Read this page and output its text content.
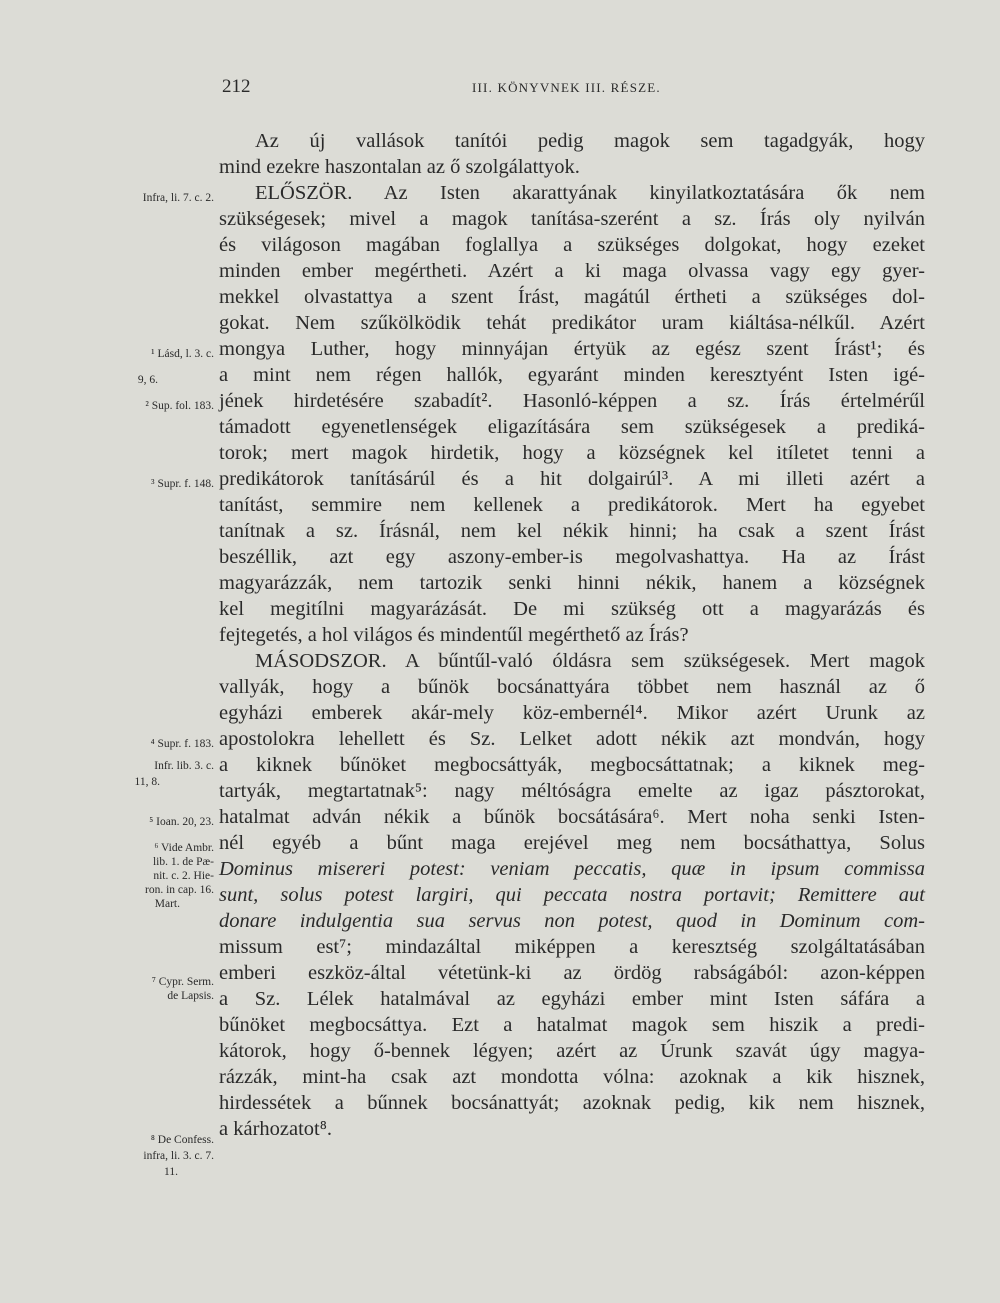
212	III. KÖNYVNEK III. RÉSZE.
Az új vallások tanítói pedig magok sem tagadgyák, hogy
mind ezekre haszontalan az ő szolgálattyok.
ELŐSZÖR. Az Isten akarattyának kinyilatkoztatására ők nem
szükségesek; mivel a magok tanítása-szerént a sz. Írás oly nyilván
és világoson magában foglallya a szükséges dolgokat, hogy ezeket
minden ember megértheti. Azért a ki maga olvassa vagy egy gyer-
mekkel olvastattya a szent Írást, magátúl értheti a szükséges dol-
gokat. Nem szűkölködik tehát predikátor uram kiáltása-nélkűl. Azért
mongya Luther, hogy minnyájan értyük az egész szent Írást¹; és
a mint nem régen hallók, egyaránt minden keresztyént Isten igé-
jének hirdetésére szabadít². Hasonló-képpen a sz. Írás értelmérűl
támadott egyenetlenségek eligazítására sem szükségesek a prediká-
torok; mert magok hirdetik, hogy a községnek kel itíletet tenni a
predikátorok tanításárúl és a hit dolgairúl³. A mi illeti azért a
tanítást, semmire nem kellenek a predikátorok. Mert ha egyebet
tanítnak a sz. Írásnál, nem kel nékik hinni; ha csak a szent Írást
beszéllik, azt egy aszony-ember-is megolvashattya. Ha az Írást
magyarázzák, nem tartozik senki hinni nékik, hanem a községnek
kel megitílni magyarázását. De mi szükség ott a magyarázás és
fejtegetés, a hol világos és mindentűl megérthető az Írás?
MÁSODSZOR. A bűntűl-való óldásra sem szükségesek. Mert magok
vallyák, hogy a bűnök bocsánattyára többet nem használ az ő
egyházi emberek akár-mely köz-embernél⁴. Mikor azért Urunk az
apostolokra lehellett és Sz. Lelket adott nékik azt mondván, hogy
a kiknek bűnöket megbocsáttyák, megbocsáttatnak; a kiknek meg-
tartyák, megtartatnak⁵: nagy méltóságra emelte az igaz pásztorokat,
hatalmat adván nékik a bűnök bocsátására⁶. Mert noha senki Isten-
nél egyéb a bűnt maga erejével meg nem bocsáthattya, Solus
Dominus misereri potest: veniam peccatis, quæ in ipsum commissa
sunt, solus potest largiri, qui peccata nostra portavit; Remittere aut
donare indulgentia sua servus non potest, quod in Dominum com-
missum est⁷; mindazáltal miképpen a keresztség szolgáltatásában
emberi eszköz-által vétetünk-ki az ördög rabságából: azon-képpen
a Sz. Lélek hatalmával az egyházi ember mint Isten sáfára a
bűnöket megbocsáttya. Ezt a hatalmat magok sem hiszik a predi-
kátorok, hogy ő-bennek légyen; azért az Úrunk szavát úgy magya-
rázzák, mint-ha csak azt mondotta vólna: azoknak a kik hisznek,
hirdessétek a bűnnek bocsánattyát; azoknak pedig, kik nem hisznek,
a kárhozatot⁸.
Infra, li. 7. c. 2.
¹ Lásd, l. 3. c.
9, 6.
² Sup. fol. 183.
³ Supr. f. 148.
⁴ Supr. f. 183.
Infr. lib. 3. c.
11, 8.
⁵ Ioan. 20, 23.
⁶ Vide Ambr.
lib. 1. de Pæ-
nit. c. 2. Hie-
ron. in cap. 16.
Mart.
⁷ Cypr. Serm.
de Lapsis.
⁸ De Confess.
infra, li. 3. c. 7.
11.
